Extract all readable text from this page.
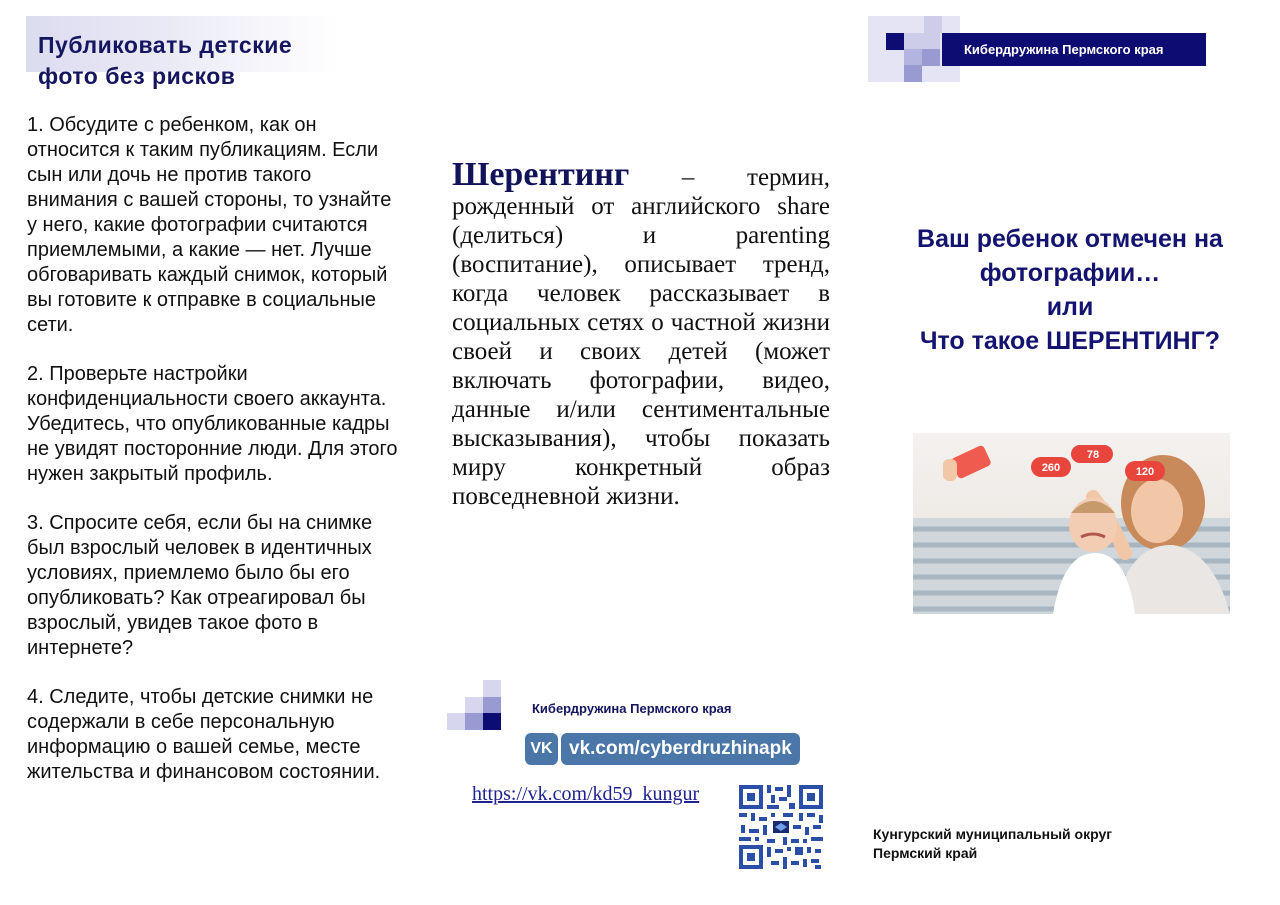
Публиковать детские
фото без рисков

1. Обсудите с ребенком, как он относится к таким публикациям. Если сын или дочь не против такого внимания с вашей стороны, то узнайте у него, какие фотографии считаются приемлемыми, а какие — нет. Лучше обговаривать каждый снимок, который вы готовите к отправке в социальные сети.

2. Проверьте настройки конфиденциальности своего аккаунта. Убедитесь, что опубликованные кадры не увидят посторонние люди. Для этого нужен закрытый профиль.

3. Спросите себя, если бы на снимке был взрослый человек в идентичных условиях, приемлемо было бы его опубликовать? Как отреагировал бы взрослый, увидев такое фото в интернете?

4. Следите, чтобы детские снимки не содержали в себе персональную информацию о вашей семье, месте жительства и финансовом состоянии.

Шерентинг – термин, рожденный от английского share (делиться) и parenting (воспитание), описывает тренд, когда человек рассказывает в социальных сетях о частной жизни своей и своих детей (может включать фотографии, видео, данные и/или сентиментальные высказывания), чтобы показать миру конкретный образ повседневной жизни.

Кибердружина Пермского края
VK vk.com/cyberdruzhinapk
https://vk.com/kd59_kungur
Кибердружина Пермского края
Ваш ребенок отмечен на
фотографии…
или
Что такое ШЕРЕНТИНГ?
260
78
120
Кунгурский муниципальный округ
Пермский край
